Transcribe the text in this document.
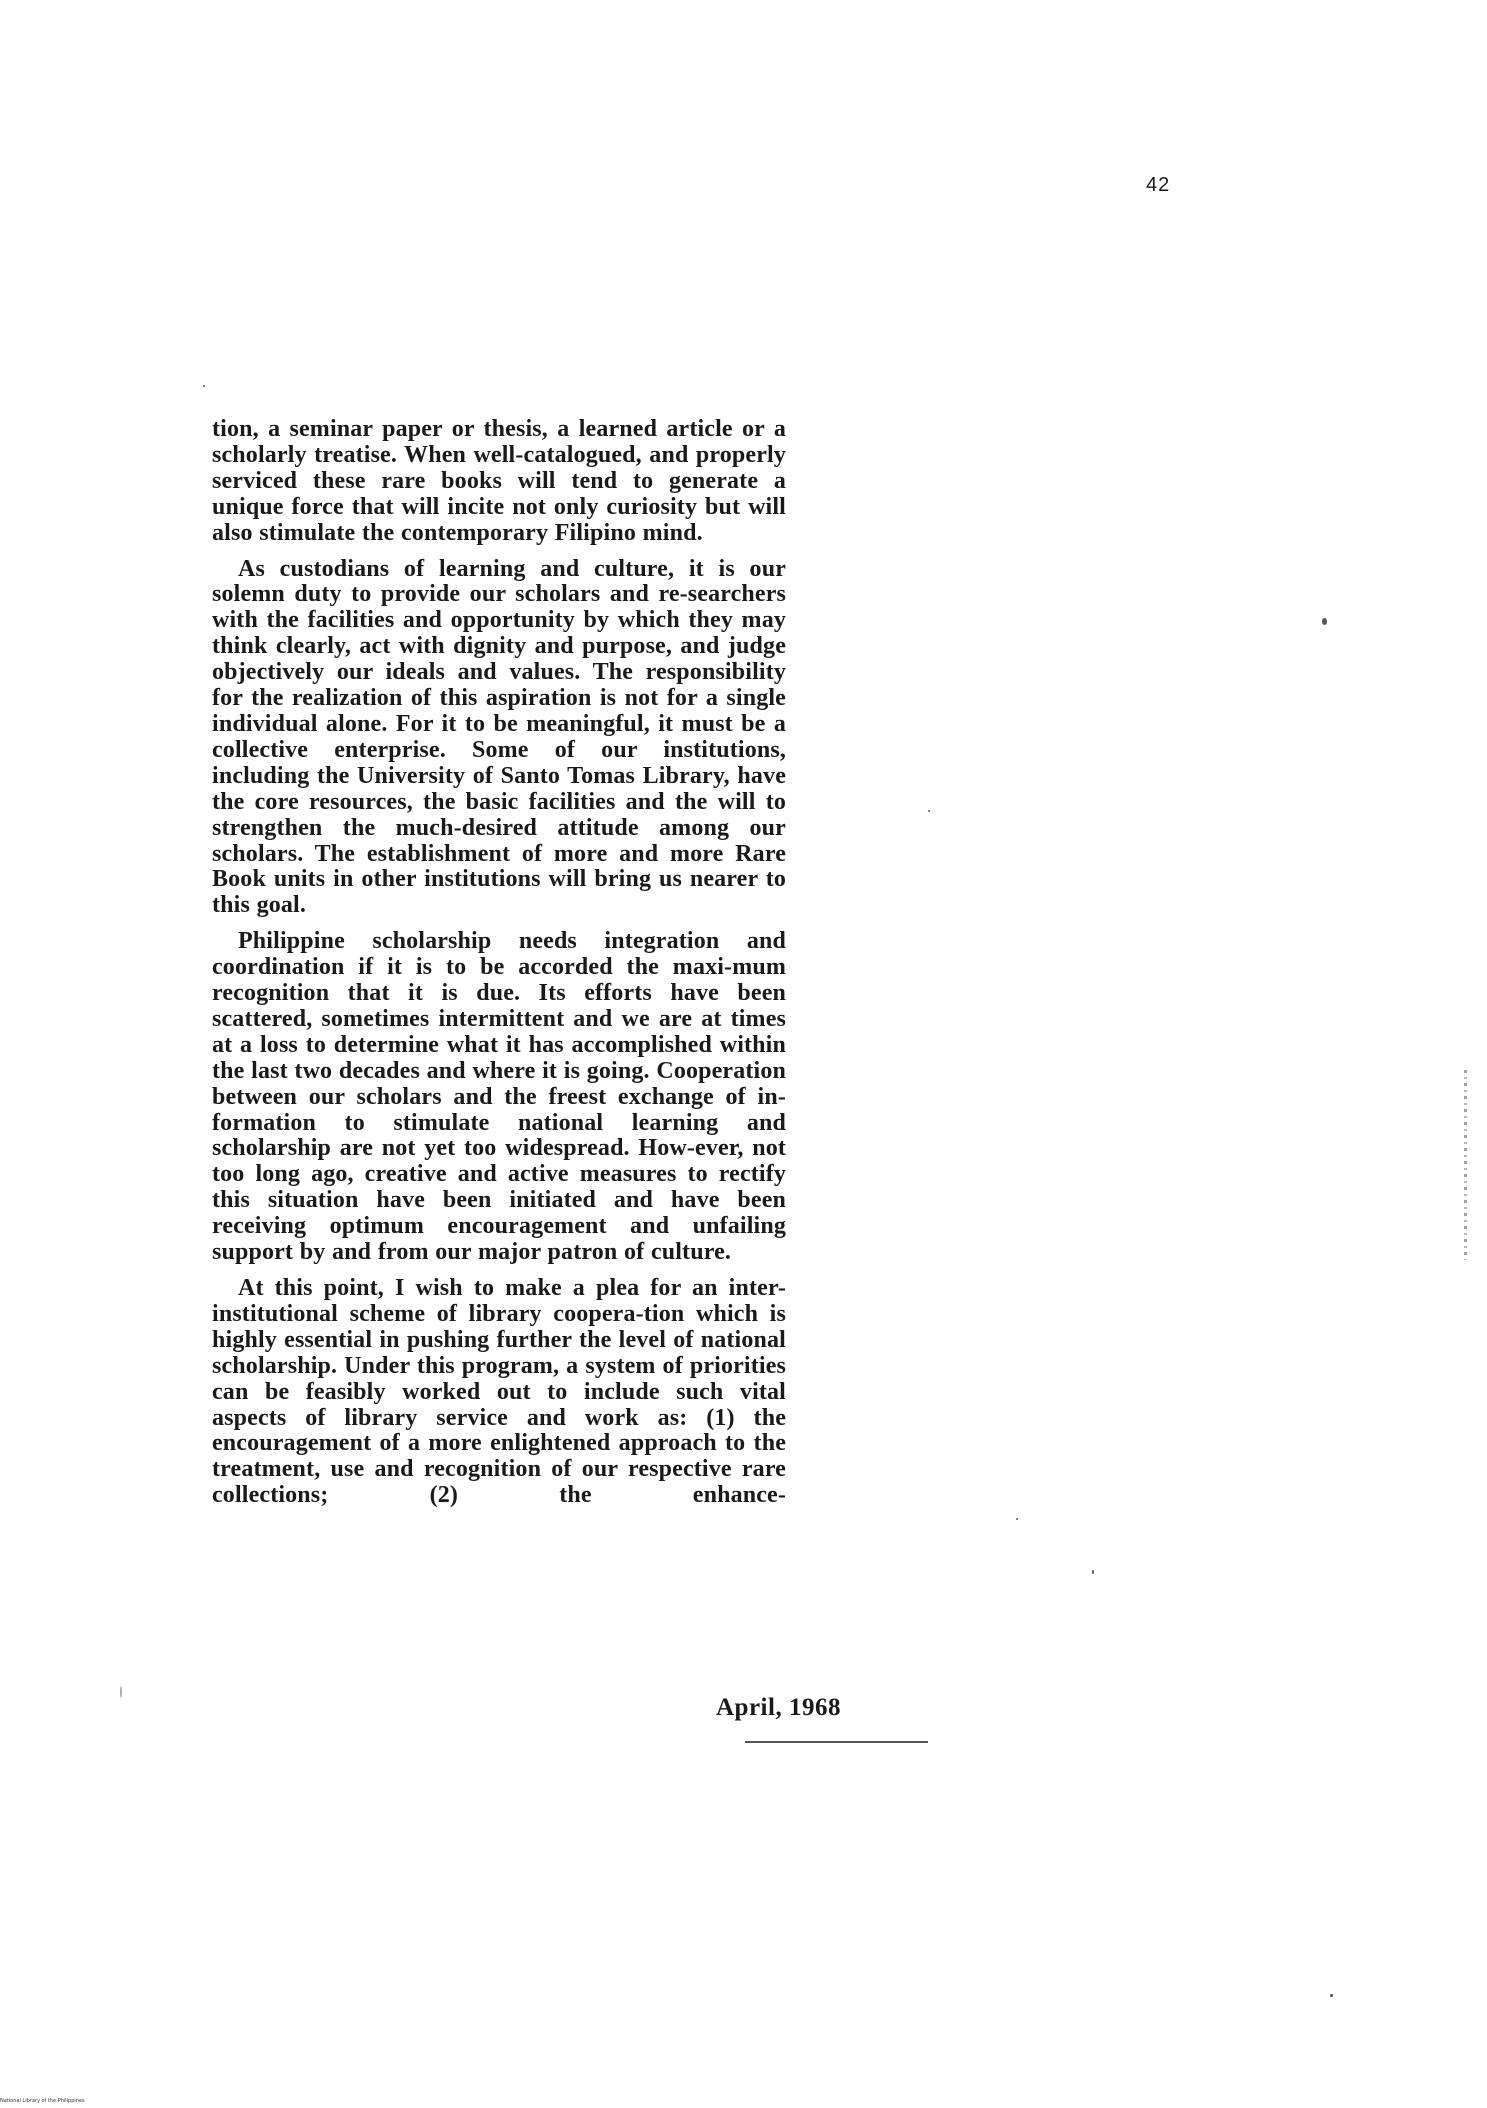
42

tion, a seminar paper or thesis, a learned article or a scholarly treatise. When well-catalogued, and properly serviced these rare books will tend to generate a unique force that will incite not only curiosity but will also stimulate the contemporary Filipino mind.

As custodians of learning and culture, it is our solemn duty to provide our scholars and re-searchers with the facilities and opportunity by which they may think clearly, act with dignity and purpose, and judge objectively our ideals and values. The responsibility for the realization of this aspiration is not for a single individual alone. For it to be meaningful, it must be a collective enterprise. Some of our institutions, including the University of Santo Tomas Library, have the core resources, the basic facilities and the will to strengthen the much-desired attitude among our scholars. The establishment of more and more Rare Book units in other institutions will bring us nearer to this goal.

Philippine scholarship needs integration and coordination if it is to be accorded the maxi-mum recognition that it is due. Its efforts have been scattered, sometimes intermittent and we are at times at a loss to determine what it has accomplished within the last two decades and where it is going. Cooperation between our scholars and the freest exchange of in-formation to stimulate national learning and scholarship are not yet too widespread. How-ever, not too long ago, creative and active measures to rectify this situation have been initiated and have been receiving optimum encouragement and unfailing support by and from our major patron of culture.

At this point, I wish to make a plea for an inter-institutional scheme of library coopera-tion which is highly essential in pushing further the level of national scholarship. Under this program, a system of priorities can be feasibly worked out to include such vital aspects of library service and work as: (1) the encouragement of a more enlightened approach to the treatment, use and recognition of our respective rare collections; (2) the enhance-

April, 1968
National Library of the Philippines
